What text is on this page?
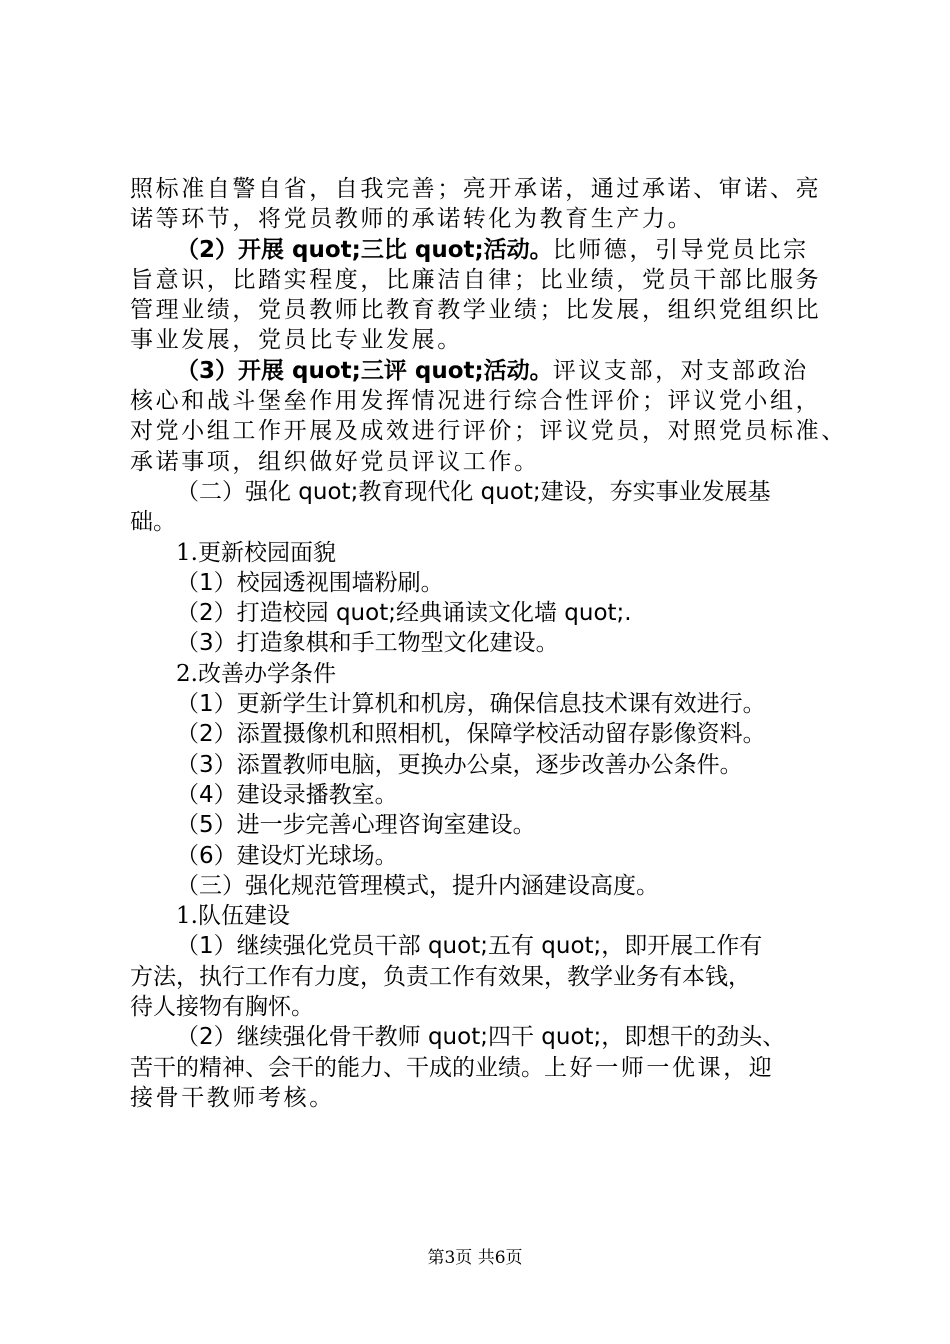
照标准自警自省，自我完善；亮开承诺，通过承诺、审诺、亮
诺等环节，将党员教师的承诺转化为教育生产力。
（2）开展 quot;三比 quot;活动。比师德，引导党员比宗
旨意识，比踏实程度，比廉洁自律；比业绩，党员干部比服务
管理业绩，党员教师比教育教学业绩；比发展，组织党组织比
事业发展，党员比专业发展。
（3）开展 quot;三评 quot;活动。评议支部，对支部政治
核心和战斗堡垒作用发挥情况进行综合性评价；评议党小组，
对党小组工作开展及成效进行评价；评议党员，对照党员标准、
承诺事项，组织做好党员评议工作。
（二）强化 quot;教育现代化 quot;建设，夯实事业发展基
础。
1.更新校园面貌
（1）校园透视围墙粉刷。
（2）打造校园 quot;经典诵读文化墙 quot;.
（3）打造象棋和手工物型文化建设。
2.改善办学条件
（1）更新学生计算机和机房，确保信息技术课有效进行。
（2）添置摄像机和照相机，保障学校活动留存影像资料。
（3）添置教师电脑，更换办公桌，逐步改善办公条件。
（4）建设录播教室。
（5）进一步完善心理咨询室建设。
（6）建设灯光球场。
（三）强化规范管理模式，提升内涵建设高度。
1.队伍建设
（1）继续强化党员干部 quot;五有 quot;，即开展工作有
方法，执行工作有力度，负责工作有效果，教学业务有本钱，
待人接物有胸怀。
（2）继续强化骨干教师 quot;四干 quot;，即想干的劲头、
苦干的精神、会干的能力、干成的业绩。上好一师一优课，迎
接骨干教师考核。
第3页 共6页
